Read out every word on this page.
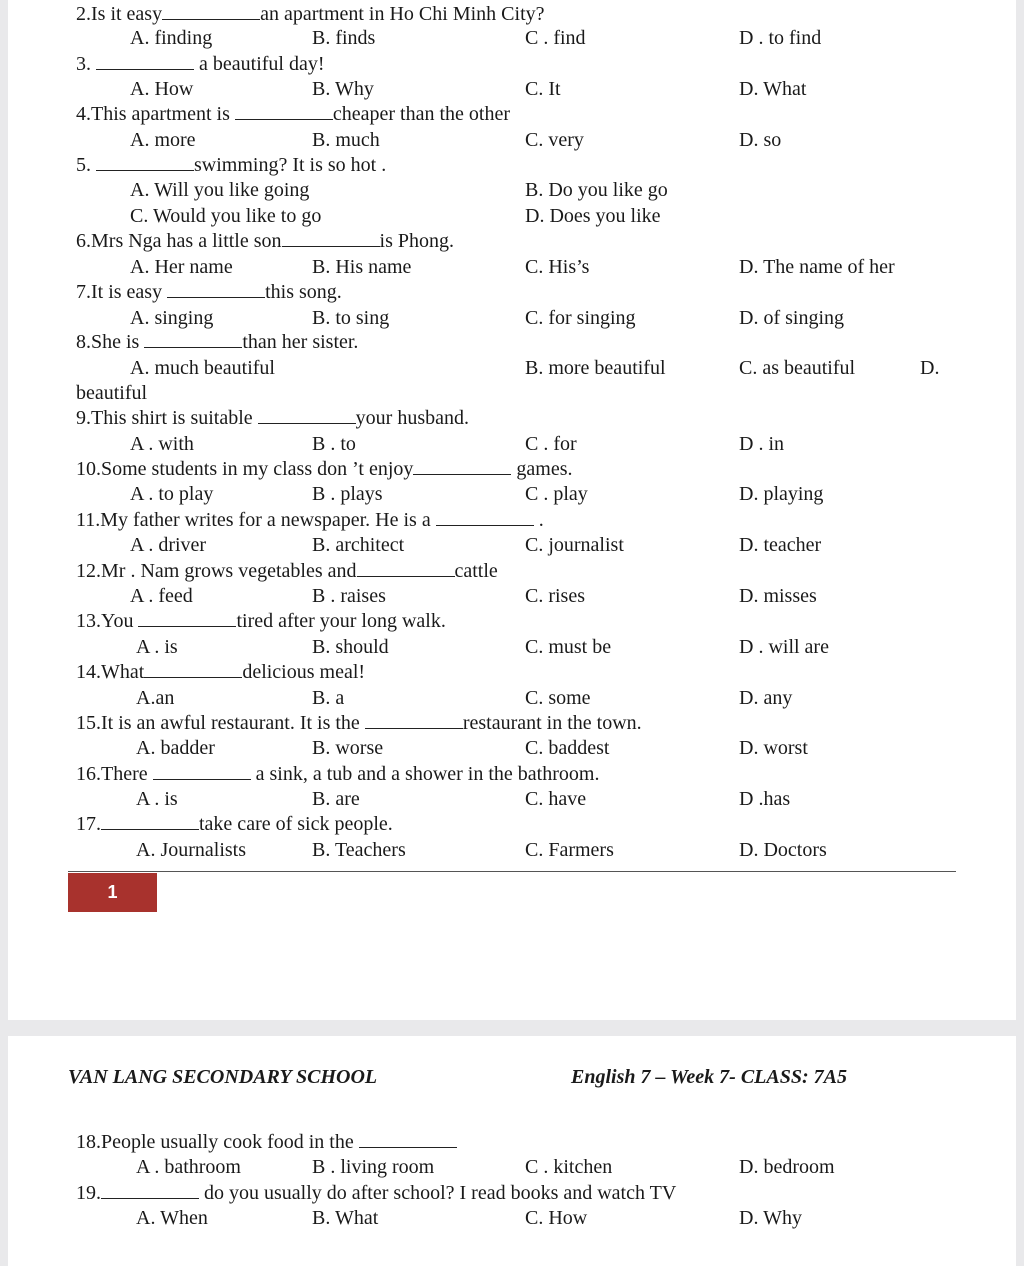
2.Is it easy	an apartment in Ho Chi Minh City?
A. finding	B. finds	C . find	D . to find
3.	a beautiful day!
A. How	B. Why	C. It	D. What
4.This apartment is	cheaper than the other
A. more	B. much	C. very	D. so
5.	swimming? It is so hot .
A. Will you like going	B. Do you like go
C. Would you like to go	D. Does you like
6.Mrs Nga has a little son	is Phong.
A. Her name	B. His name	C. His’s	D. The name of her
7.It is easy	this song.
A. singing	B. to sing	C. for singing	D. of singing
8.She is	than her sister.
A. much beautiful	B. more beautiful	C. as beautiful	D.
beautiful
9.This shirt is suitable	your husband.
A . with	B . to	C . for	D . in
10.Some students in my class don ’t enjoy	games.
A . to play	B . plays	C . play	D. playing
11.My father writes for a newspaper. He is a	.
A . driver	B. architect	C. journalist	D. teacher
12.Mr . Nam grows vegetables and	cattle
A . feed	B . raises	C. rises	D. misses
13.You	tired after your long walk.
A . is	B. should	C. must be	D . will are
14.What	delicious meal!
A.an	B. a	C. some	D. any
15.It is an awful restaurant. It is the	restaurant in the town.
A. badder	B. worse	C. baddest	D. worst
16.There	a sink, a tub and a shower in the bathroom.
A . is	B. are	C. have	D .has
17.	take care of sick people.
A. Journalists	B. Teachers	C. Farmers	D. Doctors
1
VAN LANG SECONDARY SCHOOL	English 7 – Week 7- CLASS: 7A5
18.People usually cook food in the
A . bathroom	B . living room	C . kitchen	D. bedroom
19.	do you usually do after school? I read books and watch TV
A. When	B. What	C. How	D. Why
